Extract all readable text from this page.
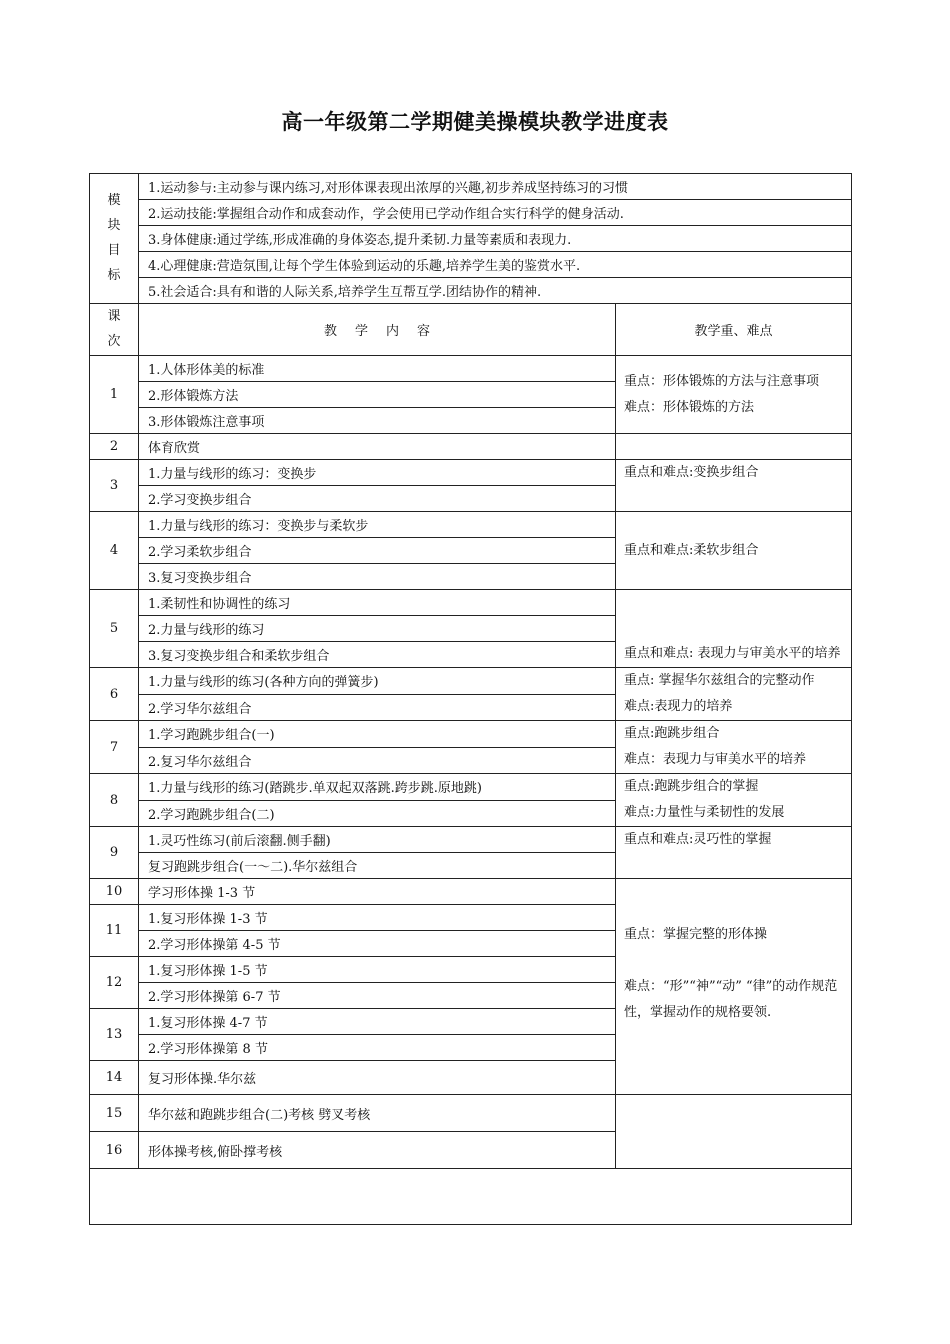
高一年级第二学期健美操模块教学进度表
模
块
目
标	1.运动参与:主动参与课内练习,对形体课表现出浓厚的兴趣,初步养成坚持练习的习惯	
	2.运动技能:掌握组合动作和成套动作，学会使用已学动作组合实行科学的健身活动.	
	3.身体健康:通过学练,形成准确的身体姿态,提升柔韧.力量等素质和表现力.	
	4.心理健康:营造氛围,让每个学生体验到运动的乐趣,培养学生美的鉴赏水平.	
	5.社会适合:具有和谐的人际关系,培养学生互帮互学.团结协作的精神.	

课
次	教 学 内 容	教学重、难点
1	1.人体形体美的标准	重点：形体锻炼的方法与注意事项
难点：形体锻炼的方法

	2.形体锻炼方法	
	3.形体锻炼注意事项	
2	体育欣赏	
3	1.力量与线形的练习：变换步	重点和难点:变换步组合
	2.学习变换步组合	
4	1.力量与线形的练习：变换步与柔软步	重点和难点:柔软步组合
	2.学习柔软步组合	
	3.复习变换步组合	
5	1.柔韧性和协调性的练习	重点和难点: 表现力与审美水平的培养
	2.力量与线形的练习	
	3.复习变换步组合和柔软步组合	
6	1.力量与线形的练习(各种方向的弹簧步)	重点: 掌握华尔兹组合的完整动作
难点:表现力的培养

	2.学习华尔兹组合	
7	1.学习跑跳步组合(一)	重点:跑跳步组合
难点：表现力与审美水平的培养

	2.复习华尔兹组合	
8	1.力量与线形的练习(踏跳步.单双起双落跳.跨步跳.原地跳)	重点:跑跳步组合的掌握
难点:力量性与柔韧性的发展

	2.学习跑跳步组合(二)	
9	1.灵巧性练习(前后滚翻.侧手翻)	重点和难点:灵巧性的掌握
	复习跑跳步组合(一～二).华尔兹组合	
10	学习形体操 1-3 节	重点：掌握完整的形体操
难点：“形”“神”“动” “律”的动作规范性，掌握动作的规格要领.

11	1.复习形体操 1-3 节	
	2.学习形体操第 4-5 节	
12	1.复习形体操 1-5 节	
	2.学习形体操第 6-7 节	
13	1.复习形体操 4-7 节	
	2.学习形体操第 8 节	
14	复习形体操.华尔兹	
15	华尔兹和跑跳步组合(二)考核 劈叉考核	
16	形体操考核,俯卧撑考核	
